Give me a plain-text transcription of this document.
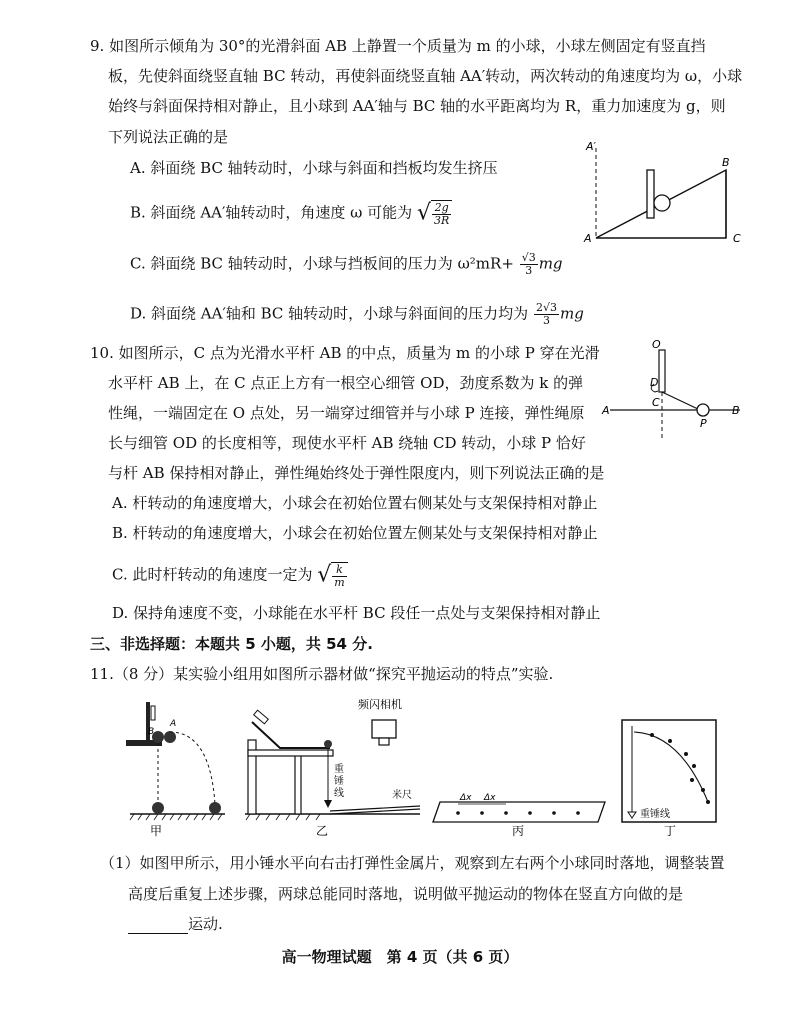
9. 如图所示倾角为 30°的光滑斜面 AB 上静置一个质量为 m 的小球，小球左侧固定有竖直挡
板，先使斜面绕竖直轴 BC 转动，再使斜面绕竖直轴 AA′转动，两次转动的角速度均为 ω，小球
始终与斜面保持相对静止，且小球到 AA′轴与 BC 轴的水平距离均为 R，重力加速度为 g，则
下列说法正确的是
A. 斜面绕 BC 轴转动时，小球与斜面和挡板均发生挤压
B. 斜面绕 AA′轴转动时，角速度 ω 可能为 √ $\frac{2g}{3R}$
C. 斜面绕 BC 轴转动时，小球与挡板间的压力为 $\omega^2mR+ \frac{√3}{3}$ mg
D. 斜面绕 AA′轴和 BC 轴转动时，小球与斜面间的压力均为 $\frac{2√3}{3}$ mg
A′
A
B
C
10. 如图所示，C 点为光滑水平杆 AB 的中点，质量为 m 的小球 P 穿在光滑
水平杆 AB 上，在 C 点正上方有一根空心细管 OD，劲度系数为 k 的弹
性绳，一端固定在 O 点处，另一端穿过细管并与小球 P 连接，弹性绳原
长与细管 OD 的长度相等，现使水平杆 AB 绕轴 CD 转动，小球 P 恰好
与杆 AB 保持相对静止，弹性绳始终处于弹性限度内，则下列说法正确的是
A. 杆转动的角速度增大，小球会在初始位置右侧某处与支架保持相对静止
B. 杆转动的角速度增大，小球会在初始位置左侧某处与支架保持相对静止
C. 此时杆转动的角速度一定为 √ $\frac{k}{m}$
D. 保持角速度不变，小球能在水平杆 BC 段任一点处与支架保持相对静止
O
D
C
A
P
B
三、非选择题：本题共 5 小题，共 54 分.
11.（8 分）某实验小组用如图所示器材做“探究平抛运动的特点”实验.
B
A
甲
重
锤
线	米尺
乙
频闪相机
Δx Δx
丙
重锤线
丁
（1）如图甲所示，用小锤水平向右击打弹性金属片，观察到左右两个小球同时落地，调整装置
高度后重复上述步骤，两球总能同时落地，说明做平抛运动的物体在竖直方向做的是
运动.
高一物理试题　第 4 页（共 6 页）
